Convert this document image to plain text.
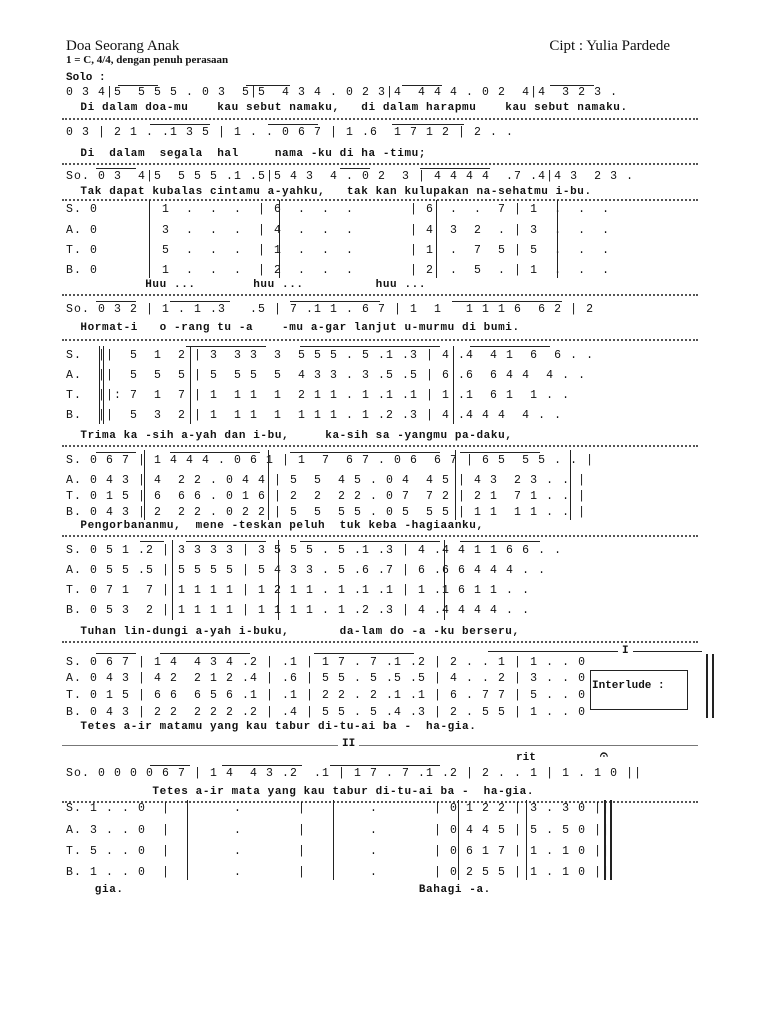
Doa Seorang Anak	Cipt : Yulia Pardede
1 = C, 4/4, dengan penuh perasaan
Solo :
0 3 4|5  5 5 5 . 0 3  5|5  4 3 4 . 0 2 3|4  4 4 4 . 0 2  4|4  3 2 3 .
Di dalam doa-mu    kau sebut namaku,   di dalam harapmu    kau sebut namaku.
0 3 | 2 1 . .1 3 5 | 1 . . 0 6 7 | 1 .6  1 7 1 2 | 2 . .
Di  dalam  segala  hal     nama -ku di ha -timu;
So. 0 3  4|5  5 5 5 .1 .5|5 4 3  4 . 0 2  3 | 4 4 4 4  .7 .4|4 3  2 3 .
Tak dapat kubalas cintamu a-yahku,   tak kan kulupakan na-sehatmu i-bu.
S. 0      | 1  .  .  .  | 6  .  .  .       | 6  .  .  7 | 1  .  .  .
A. 0      | 3  .  .  .  | 4  .  .  .       | 4  3  2  . | 3  .  .  .
T. 0      | 5  .  .  .  | 1  .  .  .       | 1  .  7  5 | 5  .  .  .
B. 0      | 1  .  .  .  | 2  .  .  .       | 2  .  5  . | 1  .  .  .
Huu ...        huu ...          huu ...
So. 0 3 2 | 1 . 1 .3   .5 | 7 .1 1 . 6 7 | 1  1   1 1 1 6  6 2 | 2
Hormat-i   o -rang tu -a    -mu a-gar lanjut u-murmu di bumi.
S.  ||  5  1  2 | 3  3 3  3  5 5 5 . 5 .1 .3 | 4 .4  4 1  6  6 . .
A.  ||  5  5  5 | 5  5 5  5  4 3 3 . 3 .5 .5 | 6 .6  6 4 4  4 . .
T.  ||: 7  1  7 | 1  1 1  1  2 1 1 . 1 .1 .1 | 1 .1  6 1  1 . .
B.  ||  5  3  2 | 1  1 1  1  1 1 1 . 1 .2 .3 | 4 .4 4 4  4 . .
Trima ka -sih a-yah dan i-bu,     ka-sih sa -yangmu pa-daku,
S. 0 6 7 | 1 4 4 4 . 0 6 1 | 1  7  6 7 . 0 6  6 7 | 6 5  5 5 . . |
A. 0 4 3 | 4  2 2 . 0 4 4 | 5  5  4 5 . 0 4  4 5 | 4 3  2 3 . . |
T. 0 1 5 | 6  6 6 . 0 1 6 | 2  2  2 2 . 0 7  7 2 | 2 1  7 1 . . |
B. 0 4 3 | 2  2 2 . 0 2 2 | 5  5  5 5 . 0 5  5 5 | 1 1  1 1 . . |
Pengorbananmu,  mene -teskan peluh  tuk keba -hagiaanku,
S. 0 5 1 .2 | 3 3 3 3 | 3 5 5 5 . 5 .1 .3 | 4 .4 4 1 1 6 6 . .
A. 0 5 5 .5 | 5 5 5 5 | 5 4 3 3 . 5 .6 .7 | 6 .6 6 4 4 4 . .
T. 0 7 1  7 | 1 1 1 1 | 1 2 1 1 . 1 .1 .1 | 1 .1 6 1 1 . .
B. 0 5 3  2 | 1 1 1 1 | 1 1 1 1 . 1 .2 .3 | 4 .4 4 4 4 . .
Tuhan lin-dungi a-yah i-buku,       da-lam do -a -ku berseru,
S. 0 6 7 | 1 4  4 3 4 .2 | .1 | 1 7 . 7 .1 .2 | 2 . . 1 | 1 . . 0
A. 0 4 3 | 4 2  2 1 2 .4 | .6 | 5 5 . 5 .5 .5 | 4 . . 2 | 3 . . 0
T. 0 1 5 | 6 6  6 5 6 .1 | .1 | 2 2 . 2 .1 .1 | 6 . 7 7 | 5 . . 0
B. 0 4 3 | 2 2  2 2 2 .2 | .4 | 5 5 . 5 .4 .3 | 2 . 5 5 | 1 . . 0
I
Interlude :
Tetes a-ir matamu yang kau tabur di-tu-ai ba -  ha-gia.
II
rit	𝄐
So. 0 0 0 0 6 7 | 1 4  4 3 .2  .1 | 1 7 . 7 .1 .2 | 2 . . 1 | 1 . 1 0 ||
Tetes a-ir mata yang kau tabur di-tu-ai ba -  ha-gia.
S. 1 . . 0  |        .       |        .       | 0 1 2 2 | 3 . 3 0 ||
A. 3 . . 0  |        .       |        .       | 0 4 4 5 | 5 . 5 0 ||
T. 5 . . 0  |        .       |        .       | 0 6 1 7 | 1 . 1 0 ||
B. 1 . . 0  |        .       |        .       | 0 2 5 5 | 1 . 1 0 ||
gia.                                         Bahagi -a.
